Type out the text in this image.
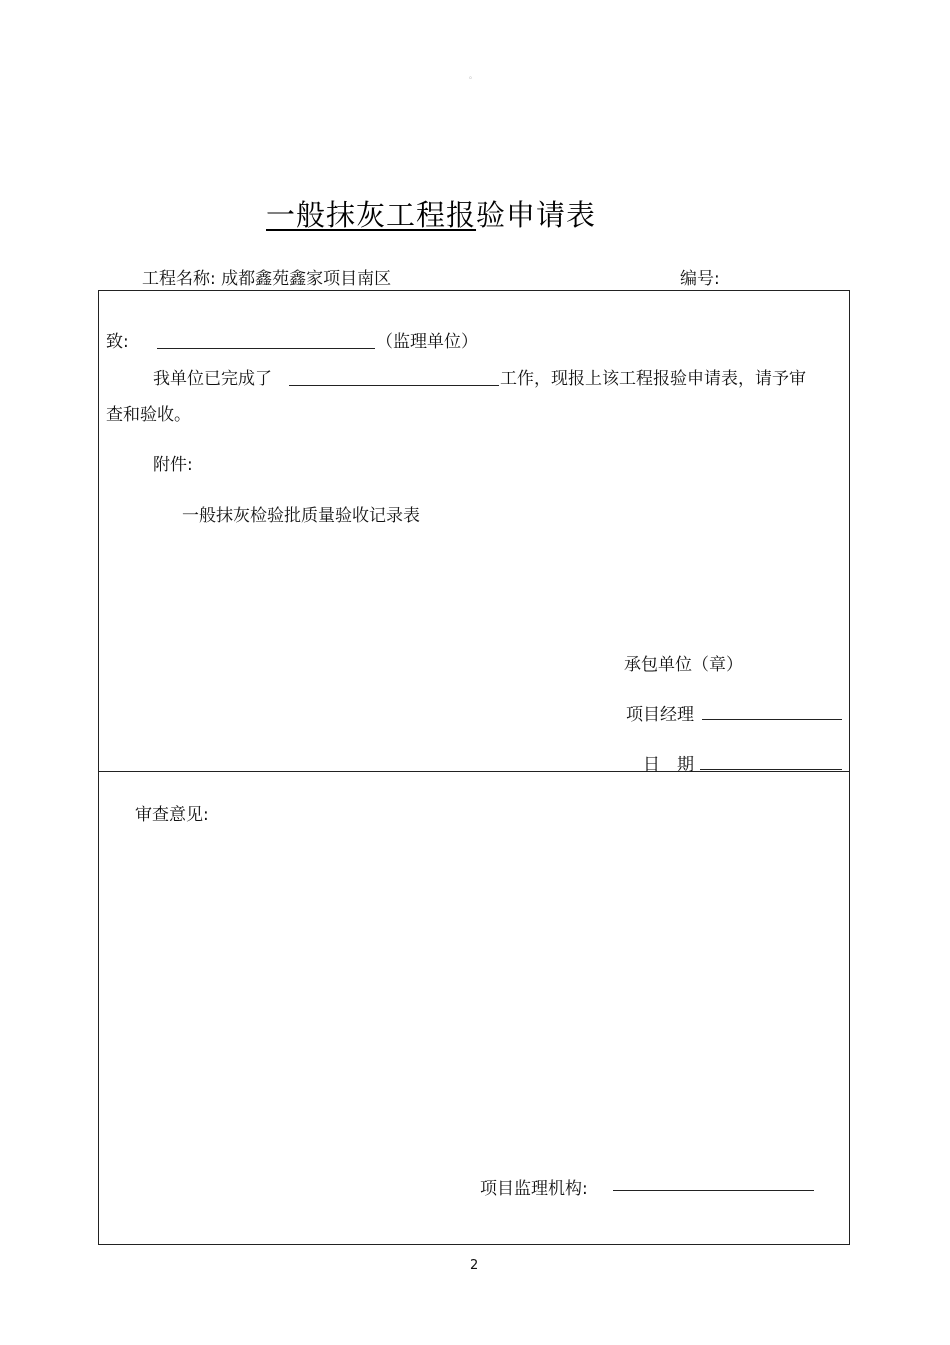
。
一般抹灰工程报验申请表
工程名称: 成都鑫苑鑫家项目南区	编号:
致:	（监理单位）
我单位已完成了	工作，现报上该工程报验申请表，请予审
查和验收。
附件:
一般抹灰检验批质量验收记录表
承包单位（章）
项目经理
日　期
审查意见:
项目监理机构:
2
